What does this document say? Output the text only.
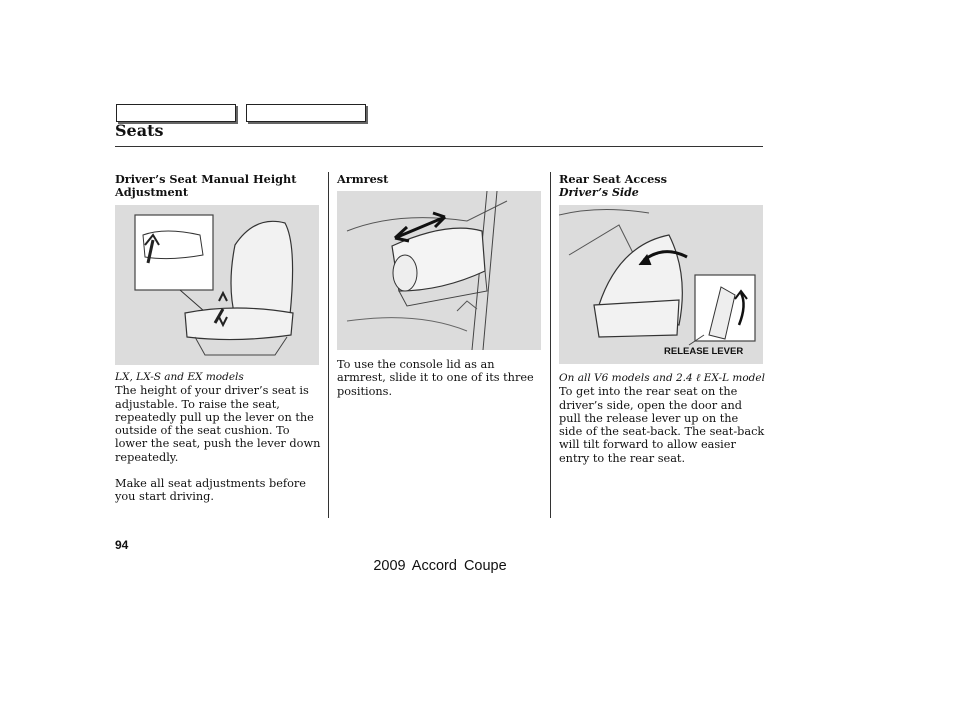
Seats
Driver’s Seat Manual Height Adjustment
LX, LX-S and EX models
The height of your driver’s seat is adjustable. To raise the seat, repeatedly pull up the lever on the outside of the seat cushion. To lower the seat, push the lever down repeatedly.
Make all seat adjustments before you start driving.
Armrest
To use the console lid as an armrest, slide it to one of its three positions.
Rear Seat Access
Driver’s Side
RELEASE LEVER
On all V6 models and 2.4 ℓ EX-L model
To get into the rear seat on the driver’s side, open the door and pull the release lever up on the side of the seat-back. The seat-back will tilt forward to allow easier entry to the rear seat.
94
2009 Accord Coupe
